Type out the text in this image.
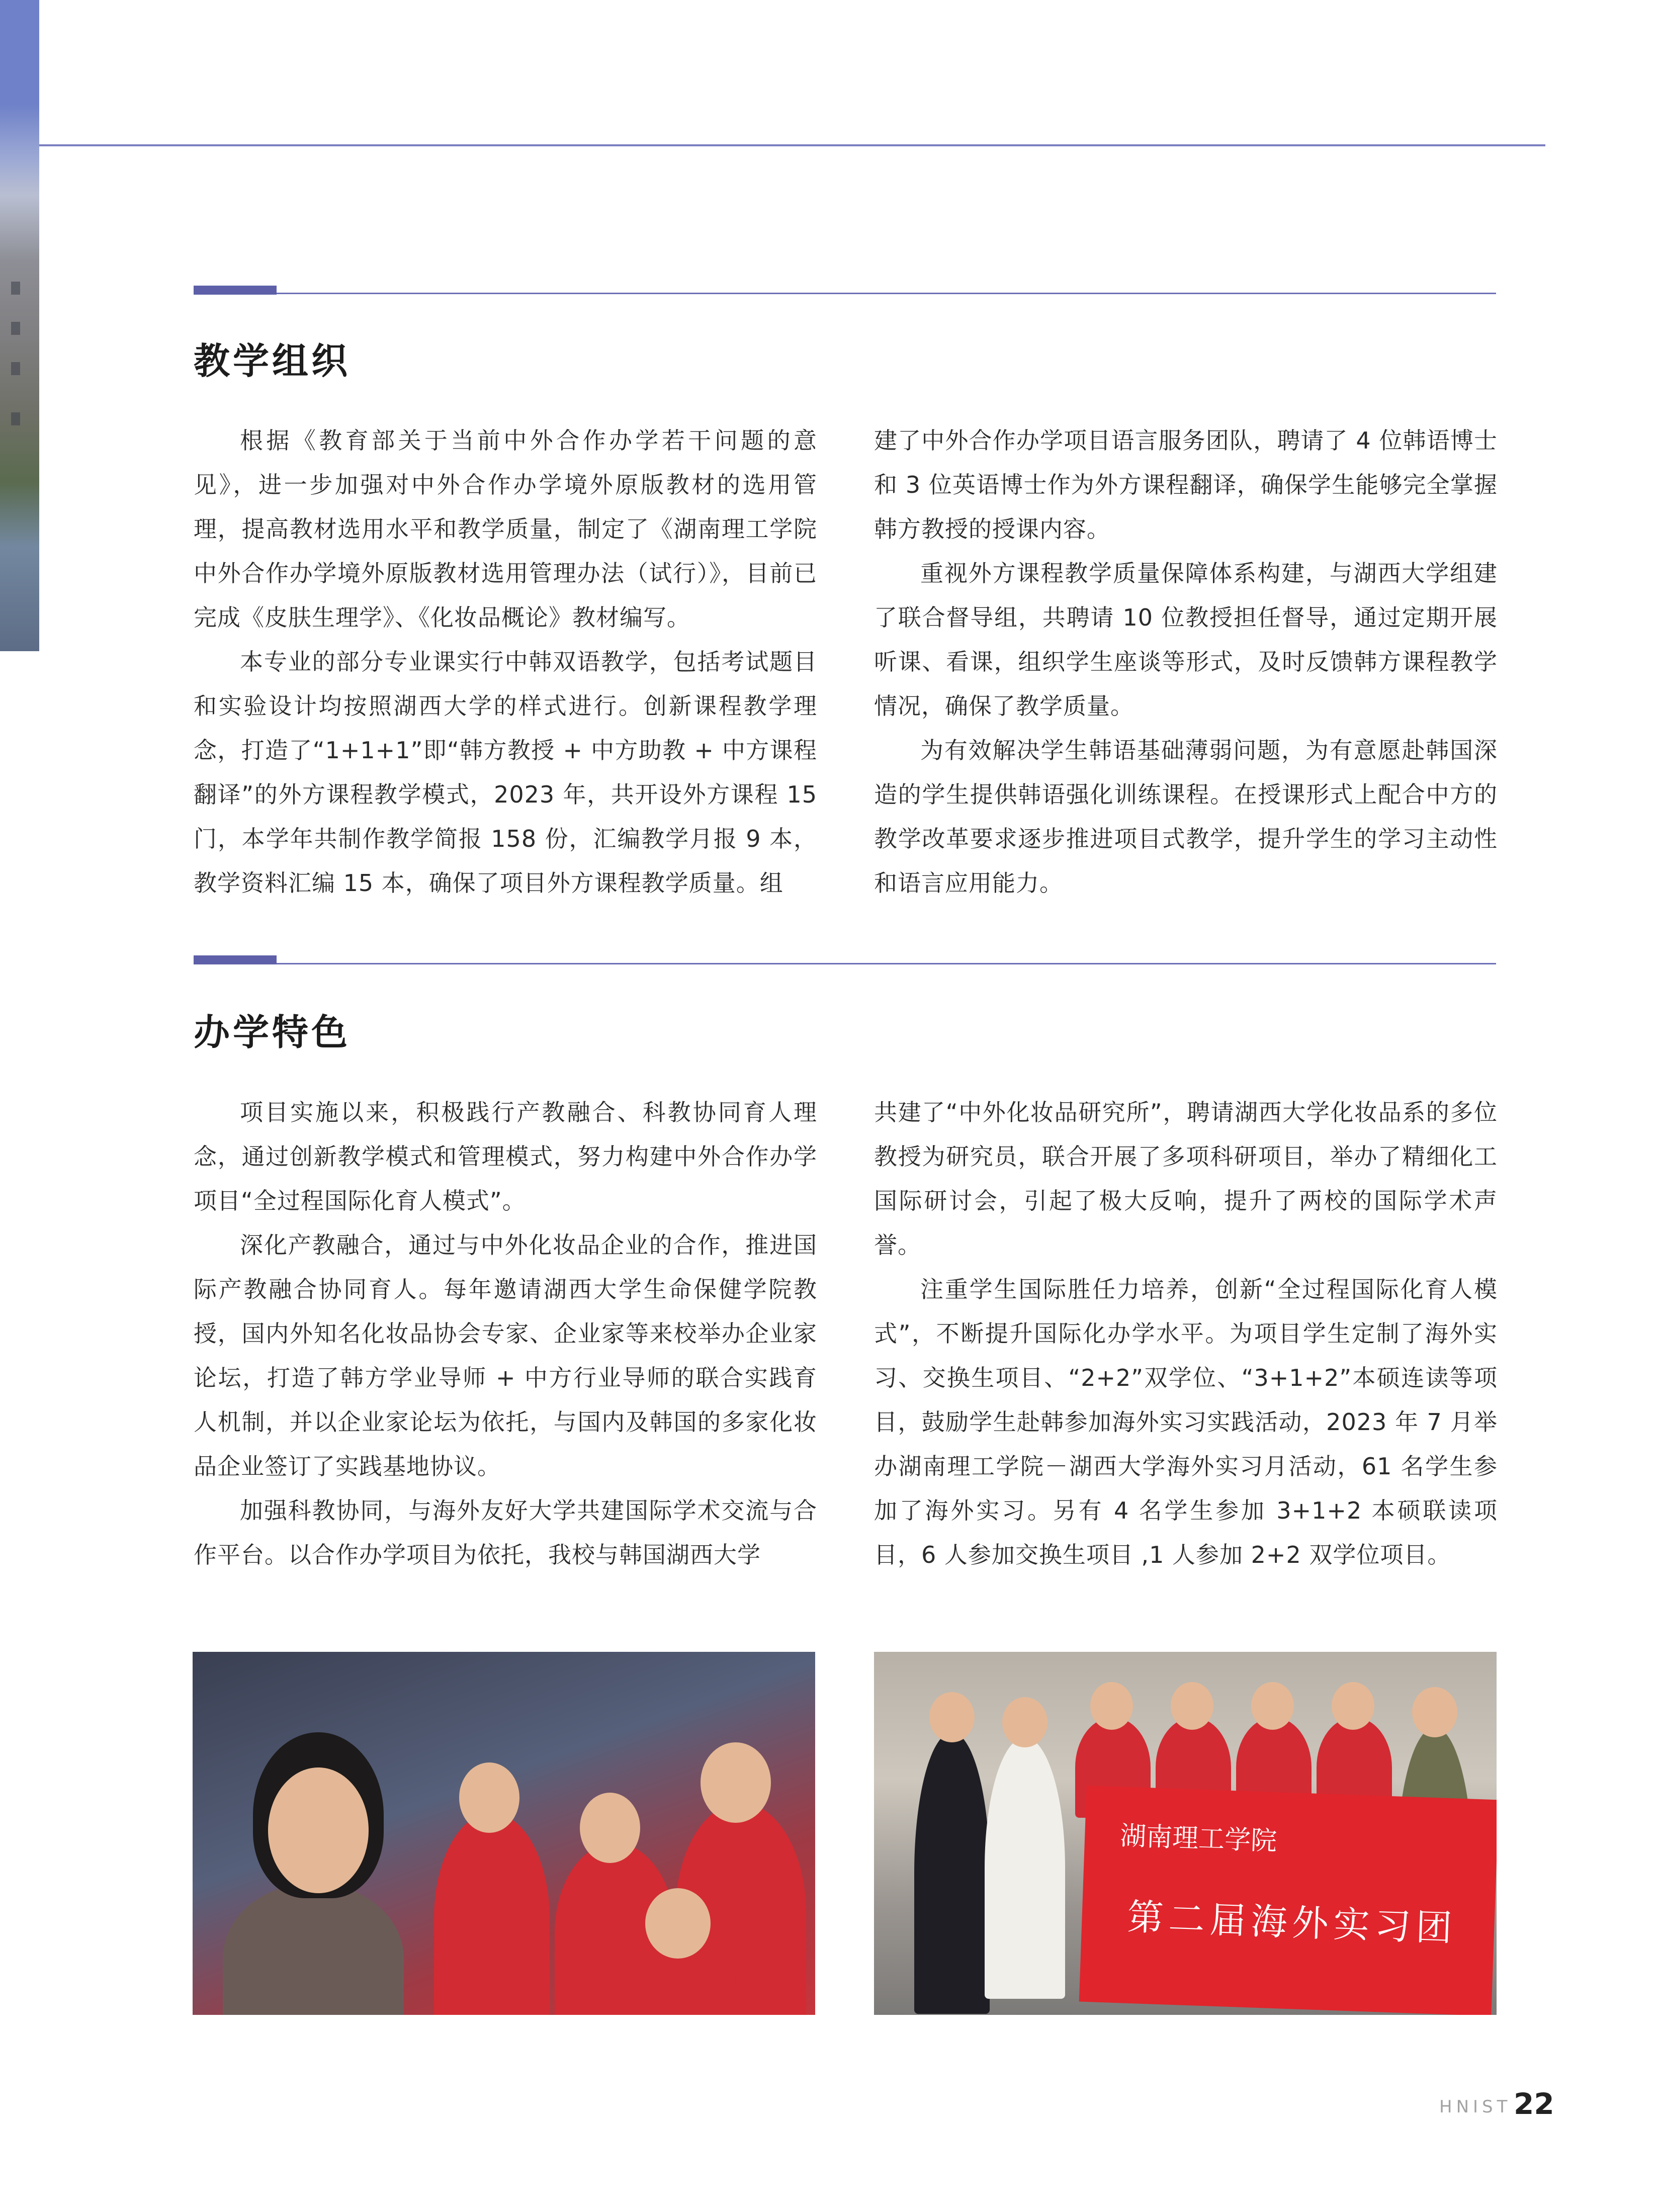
教学组织

根据《教育部关于当前中外合作办学若干问题的意见》，进一步加强对中外合作办学境外原版教材的选用管理，提高教材选用水平和教学质量，制定了《湖南理工学院中外合作办学境外原版教材选用管理办法（试行）》，目前已完成《皮肤生理学》、《化妆品概论》教材编写。

本专业的部分专业课实行中韩双语教学，包括考试题目和实验设计均按照湖西大学的样式进行。创新课程教学理念，打造了“1+1+1”即“韩方教授 + 中方助教 + 中方课程翻译”的外方课程教学模式，2023 年，共开设外方课程 15 门，本学年共制作教学简报 158 份，汇编教学月报 9 本，教学资料汇编 15 本，确保了项目外方课程教学质量。组

建了中外合作办学项目语言服务团队，聘请了 4 位韩语博士和 3 位英语博士作为外方课程翻译，确保学生能够完全掌握韩方教授的授课内容。

重视外方课程教学质量保障体系构建，与湖西大学组建了联合督导组，共聘请 10 位教授担任督导，通过定期开展听课、看课，组织学生座谈等形式，及时反馈韩方课程教学情况，确保了教学质量。

为有效解决学生韩语基础薄弱问题，为有意愿赴韩国深造的学生提供韩语强化训练课程。在授课形式上配合中方的教学改革要求逐步推进项目式教学，提升学生的学习主动性和语言应用能力。

办学特色

项目实施以来，积极践行产教融合、科教协同育人理念，通过创新教学模式和管理模式，努力构建中外合作办学项目“全过程国际化育人模式”。

深化产教融合，通过与中外化妆品企业的合作，推进国际产教融合协同育人。每年邀请湖西大学生命保健学院教授，国内外知名化妆品协会专家、企业家等来校举办企业家论坛，打造了韩方学业导师 + 中方行业导师的联合实践育人机制，并以企业家论坛为依托，与国内及韩国的多家化妆品企业签订了实践基地协议。

加强科教协同，与海外友好大学共建国际学术交流与合作平台。以合作办学项目为依托，我校与韩国湖西大学

共建了“中外化妆品研究所”，聘请湖西大学化妆品系的多位教授为研究员，联合开展了多项科研项目，举办了精细化工国际研讨会，引起了极大反响，提升了两校的国际学术声誉。

注重学生国际胜任力培养，创新“全过程国际化育人模式”，不断提升国际化办学水平。为项目学生定制了海外实习、交换生项目、“2+2”双学位、“3+1+2”本硕连读等项目，鼓励学生赴韩参加海外实习实践活动，2023 年 7 月举办湖南理工学院－湖西大学海外实习月活动，61 名学生参加了海外实习。另有 4 名学生参加 3+1+2 本硕联读项目，6 人参加交换生项目 ,1 人参加 2+2 双学位项目。

湖南理工学院
第二届海外实习团
HNIST 22
